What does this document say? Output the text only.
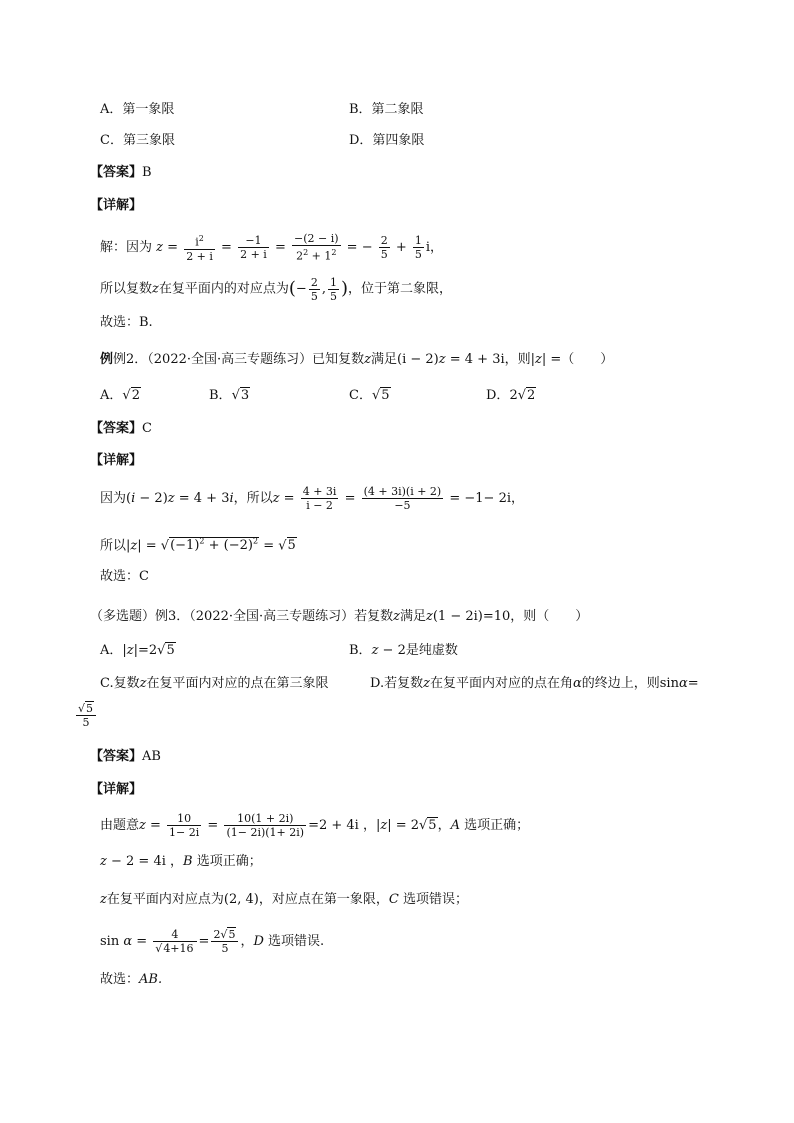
A．第一象限	B．第二象限
C．第三象限	D．第四象限
【答案】B
【详解】
解：因为 $z = \frac{i^2}{2 + i} = \frac{-1}{2 + i} = \frac{-(2 - i)}{2^2 + 1^2}$ = − $\frac{2}{5} + \frac{1}{5}$ i，
所以复数z在复平面内的对应点为(− $\frac{2}{5}$ , $\frac{1}{5}$ )，位于第二象限，
故选：B.
例例2．（2022·全国·高三专题练习）已知复数z满足(i − 2)z = 4 + 3i，则|z| =（　　）
A．√2	B．√3	C．√5	D．2√2
【答案】C
【详解】
因为(i − 2)z = 4 + 3i，所以$z = \frac{4 + 3i}{i - 2} = \frac{(4 + 3i)(i + 2)}{-5} = -1- 2i$，
所以$|z| = √(-1)^2 + (-2)^2 = √5$
故选：C
（多选题）例3．（2022·全国·高三专题练习）若复数z满足z(1 − 2i)=10，则（　　）
A．|z|=2√5	B．z − 2是纯虚数
C.复数z在复平面内对应的点在第三象限	D.若复数z在复平面内对应的点在角α的终边上，则sinα=
$\frac{√5}{5}$
【答案】AB
【详解】
由题意$z = \frac{10}{1- 2i} = \frac{10(1 + 2i)}{(1- 2i)(1+ 2i)} =2 + 4i$ ，|z| = 2√5，A 选项正确；
z − 2 = 4i ，B 选项正确；
z在复平面内对应点为(2, 4)，对应点在第一象限，C 选项错误；
$\sin \alpha = \frac{4}{√4+16} = \frac{2√5}{5}$ ，D 选项错误.
故选：AB.
